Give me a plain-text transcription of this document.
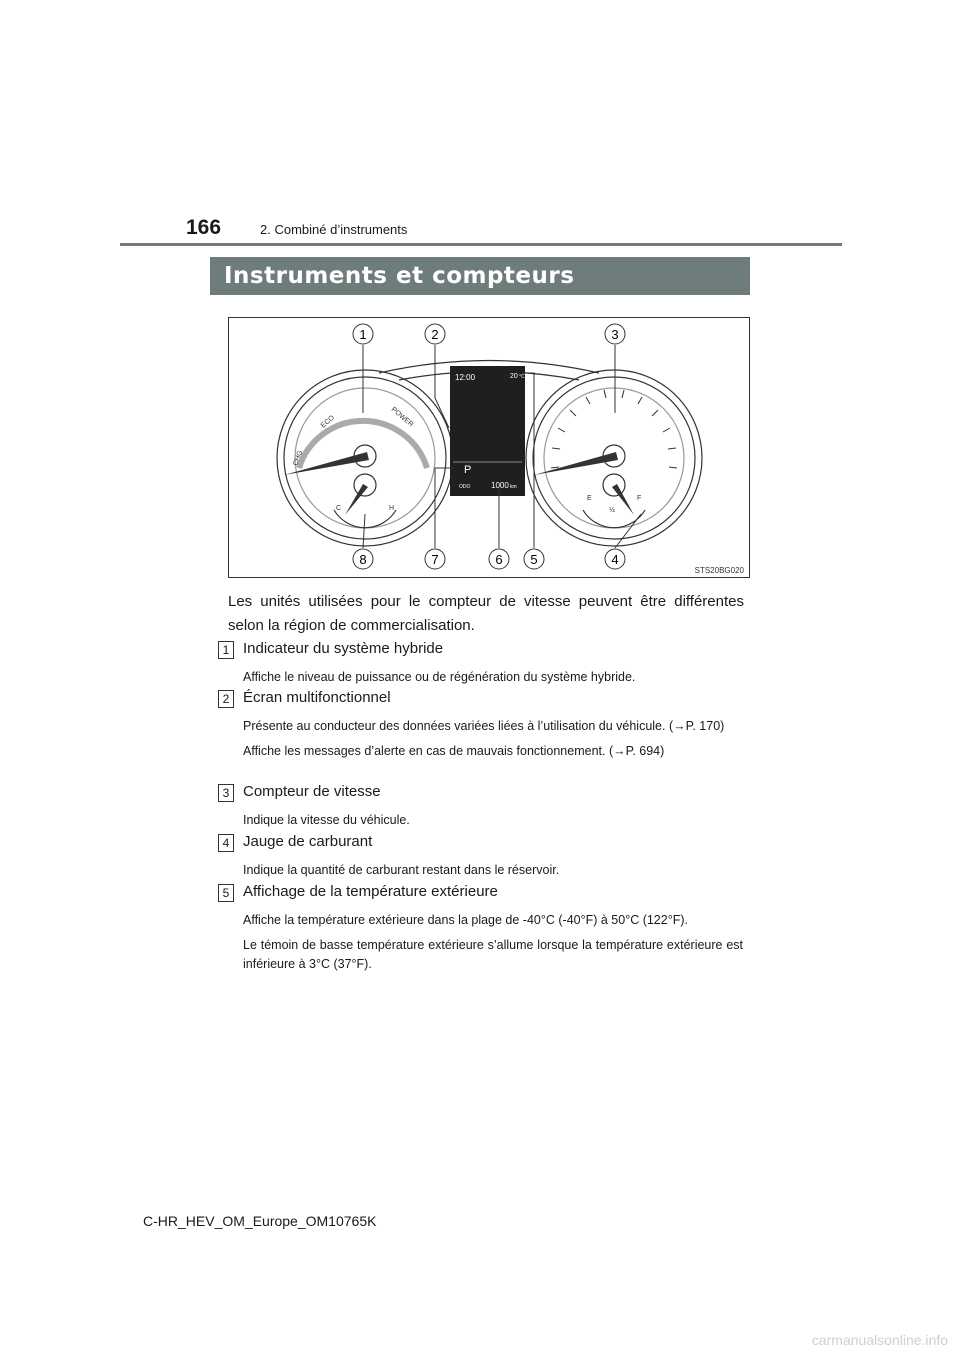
166	2. Combiné d’instruments
Instruments et compteurs
CHG
ECO	POWER
C	H
E
½
F
12:00	20 °C
P
ODO	1000 km
1	2	3
4
5
6
7
8
STS20BG020
Les unités utilisées pour le compteur de vitesse peuvent être différentes selon la région de commercialisation.
1 Indicateur du système hybride

Affiche le niveau de puissance ou de régénération du système hybride.

2 Écran multifonctionnel

Présente au conducteur des données variées liées à l’utilisation du véhicule. (→P. 170)

Affiche les messages d’alerte en cas de mauvais fonctionnement. (→P. 694)

3 Compteur de vitesse

Indique la vitesse du véhicule.

4 Jauge de carburant

Indique la quantité de carburant restant dans le réservoir.

5 Affichage de la température extérieure

Affiche la température extérieure dans la plage de -40°C (-40°F) à 50°C (122°F).

Le témoin de basse température extérieure s’allume lorsque la température extérieure est inférieure à 3°C (37°F).

C-HR_HEV_OM_Europe_OM10765K
carmanualsonline.info
